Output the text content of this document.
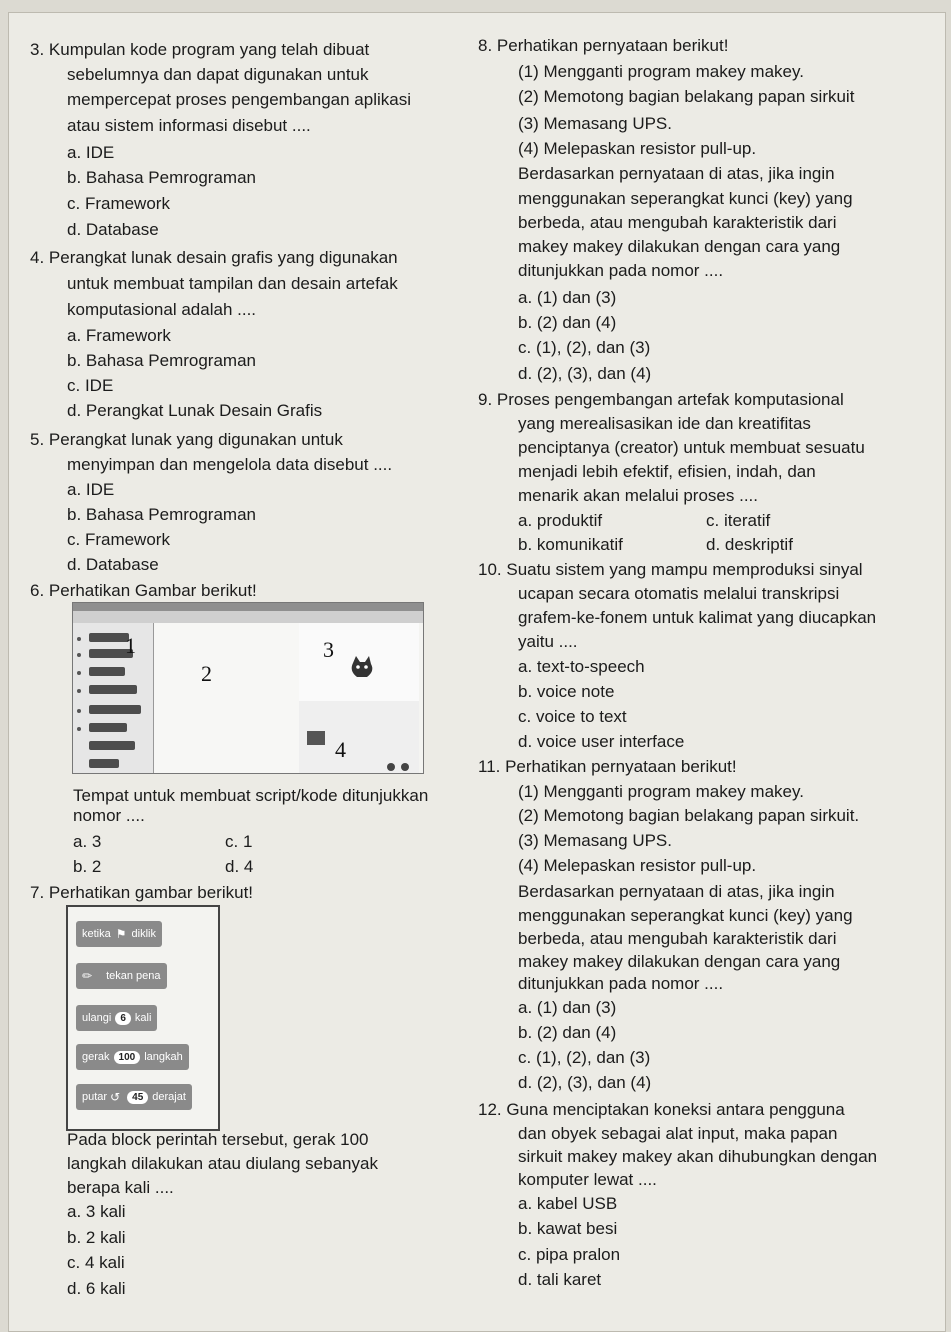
3. Kumpulan kode program yang telah dibuat
sebelumnya dan dapat digunakan untuk
mempercepat proses pengembangan aplikasi
atau sistem informasi disebut ....
a. IDE
b. Bahasa Pemrograman
c. Framework
d. Database
4. Perangkat lunak desain grafis yang digunakan
untuk membuat tampilan dan desain artefak
komputasional adalah ....
a. Framework
b. Bahasa Pemrograman
c. IDE
d. Perangkat Lunak Desain Grafis
5. Perangkat lunak yang digunakan untuk
menyimpan dan mengelola data disebut ....
a. IDE
b. Bahasa Pemrograman
c. Framework
d. Database
6. Perhatikan Gambar berikut!
1
2
3
4
Tempat untuk membuat script/kode ditunjukkan
nomor ....
a. 3	c. 1
b. 2	d. 4
7. Perhatikan gambar berikut!
ketika ⚑ diklik
✏ tekan pena
ulangi 6 kali
gerak 100 langkah
putar ↺	45 derajat
Pada block perintah tersebut, gerak 100
langkah dilakukan atau diulang sebanyak
berapa kali ....
a. 3 kali
b. 2 kali
c. 4 kali
d. 6 kali
8. Perhatikan pernyataan berikut!
(1) Mengganti program makey makey.
(2) Memotong bagian belakang papan sirkuit
(3) Memasang UPS.
(4) Melepaskan resistor pull-up.
Berdasarkan pernyataan di atas, jika ingin
menggunakan seperangkat kunci (key) yang
berbeda, atau mengubah karakteristik dari
makey makey dilakukan dengan cara yang
ditunjukkan pada nomor ....
a. (1) dan (3)
b. (2) dan (4)
c. (1), (2), dan (3)
d. (2), (3), dan (4)
9. Proses pengembangan artefak komputasional
yang merealisasikan ide dan kreatifitas
penciptanya (creator) untuk membuat sesuatu
menjadi lebih efektif, efisien, indah, dan
menarik akan melalui proses ....
a. produktif	c. iteratif
b. komunikatif	d. deskriptif
10. Suatu sistem yang mampu memproduksi sinyal
ucapan secara otomatis melalui transkripsi
grafem-ke-fonem untuk kalimat yang diucapkan
yaitu ....
a. text-to-speech
b. voice note
c. voice to text
d. voice user interface
11. Perhatikan pernyataan berikut!
(1) Mengganti program makey makey.
(2) Memotong bagian belakang papan sirkuit.
(3) Memasang UPS.
(4) Melepaskan resistor pull-up.
Berdasarkan pernyataan di atas, jika ingin
menggunakan seperangkat kunci (key) yang
berbeda, atau mengubah karakteristik dari
makey makey dilakukan dengan cara yang
ditunjukkan pada nomor ....
a. (1) dan (3)
b. (2) dan (4)
c. (1), (2), dan (3)
d. (2), (3), dan (4)
12. Guna menciptakan koneksi antara pengguna
dan obyek sebagai alat input, maka papan
sirkuit makey makey akan dihubungkan dengan
komputer lewat ....
a. kabel USB
b. kawat besi
c. pipa pralon
d. tali karet
